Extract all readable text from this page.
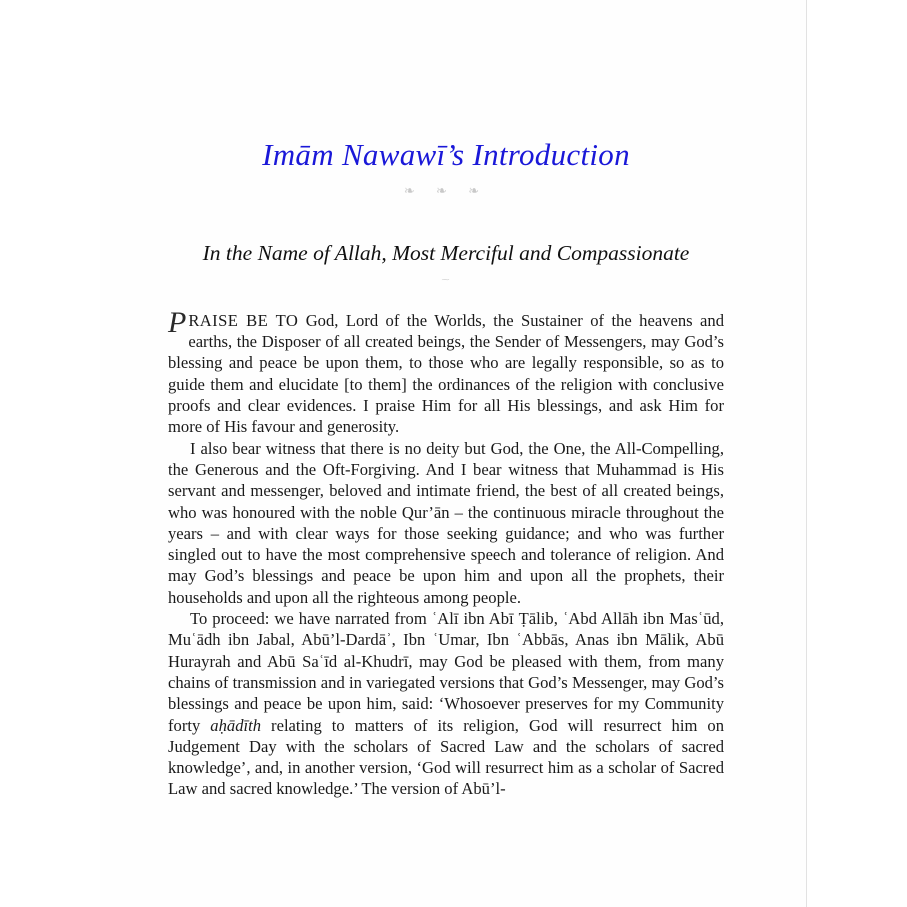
Imām Nawawī’s Introduction
❧ ❧ ❧
In the Name of Allah, Most Merciful and Compassionate
⁓

PRAISE BE TO God, Lord of the Worlds, the Sustainer of the heavens and earths, the Disposer of all created beings, the Sender of Messengers, may God’s blessing and peace be upon them, to those who are legally responsible, so as to guide them and elucidate [to them] the ordinances of the religion with conclusive proofs and clear evidences. I praise Him for all His blessings, and ask Him for more of His favour and generosity.

I also bear witness that there is no deity but God, the One, the All-Compelling, the Generous and the Oft-Forgiving. And I bear witness that Muhammad is His servant and messenger, beloved and intimate friend, the best of all created beings, who was honoured with the noble Qur’ān – the continuous miracle throughout the years – and with clear ways for those seeking guidance; and who was further singled out to have the most comprehensive speech and tolerance of religion. And may God’s blessings and peace be upon him and upon all the prophets, their households and upon all the righteous among people.

To proceed: we have narrated from ʿAlī ibn Abī Ṭālib, ʿAbd Allāh ibn Masʿūd, Muʿādh ibn Jabal, Abū’l-Dardāʾ, Ibn ʿUmar, Ibn ʿAbbās, Anas ibn Mālik, Abū Hurayrah and Abū Saʿīd al-Khudrī, may God be pleased with them, from many chains of transmission and in variegated versions that God’s Messenger, may God’s blessings and peace be upon him, said: ‘Whosoever preserves for my Community forty aḥādīth relating to matters of its religion, God will resurrect him on Judgement Day with the scholars of Sacred Law and the scholars of sacred knowledge’, and, in another version, ‘God will resurrect him as a scholar of Sacred Law and sacred knowledge.’ The version of Abū’l-
